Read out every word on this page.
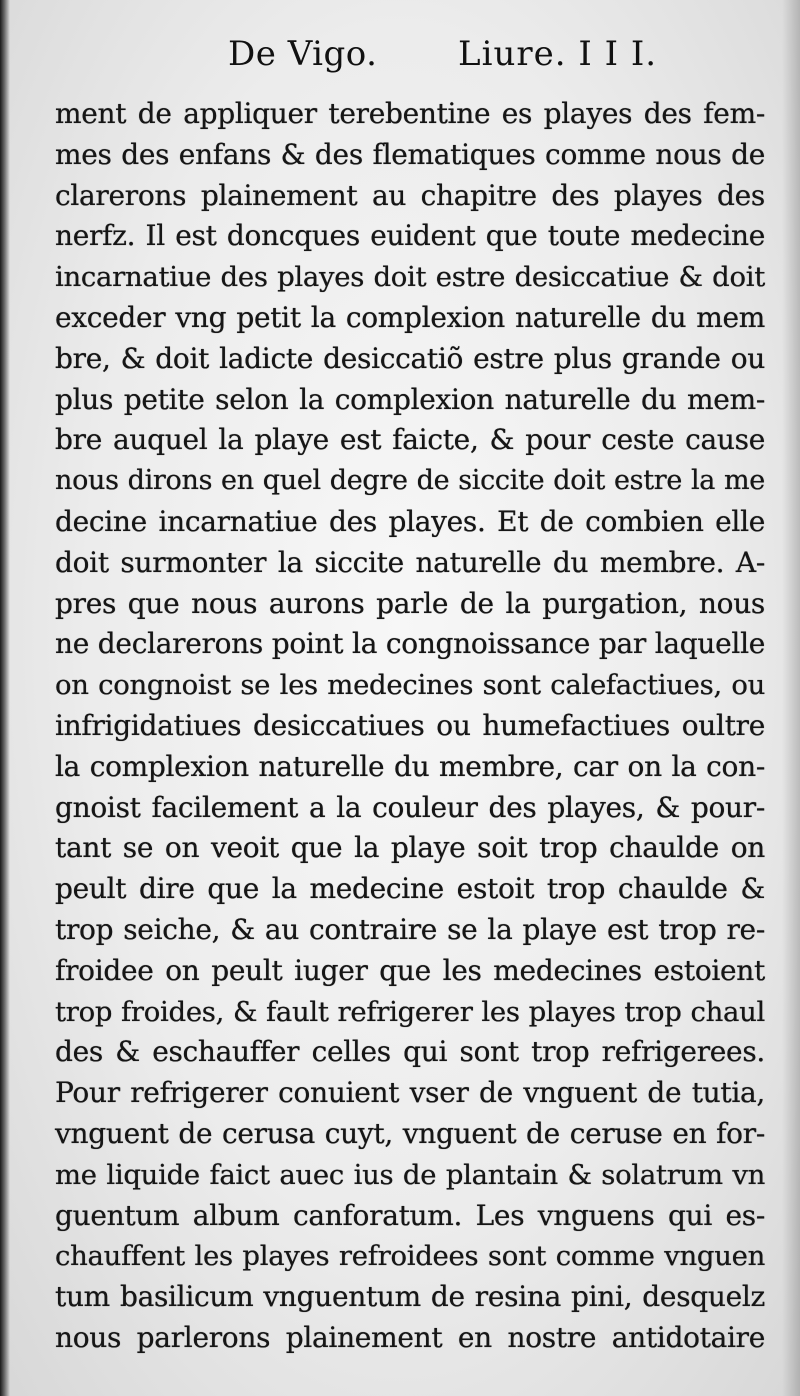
De Vigo. Liure. I I I.
ment de appliquer terebentine es playes des fem-
mes des enfans & des flematiques comme nous de
clarerons plainement au chapitre des playes des
nerfz. Il est doncques euident que toute medecine
incarnatiue des playes doit estre desiccatiue & doit
exceder vng petit la complexion naturelle du mem
bre, & doit ladicte desiccatiõ estre plus grande ou
plus petite selon la complexion naturelle du mem-
bre auquel la playe est faicte, & pour ceste cause
nous dirons en quel degre de siccite doit estre la me
decine incarnatiue des playes. Et de combien elle
doit surmonter la siccite naturelle du membre. A-
pres que nous aurons parle de la purgation, nous
ne declarerons point la congnoissance par laquelle
on congnoist se les medecines sont calefactiues, ou
infrigidatiues desiccatiues ou humefactiues oultre
la complexion naturelle du membre, car on la con-
gnoist facilement a la couleur des playes, & pour-
tant se on veoit que la playe soit trop chaulde on
peult dire que la medecine estoit trop chaulde &
trop seiche, & au contraire se la playe est trop re-
froidee on peult iuger que les medecines estoient
trop froides, & fault refrigerer les playes trop chaul
des & eschauffer celles qui sont trop refrigerees.
Pour refrigerer conuient vser de vnguent de tutia,
vnguent de cerusa cuyt, vnguent de ceruse en for-
me liquide faict auec ius de plantain & solatrum vn
guentum album canforatum. Les vnguens qui es-
chauffent les playes refroidees sont comme vnguen
tum basilicum vnguentum de resina pini, desquelz
nous parlerons plainement en nostre antidotaire
